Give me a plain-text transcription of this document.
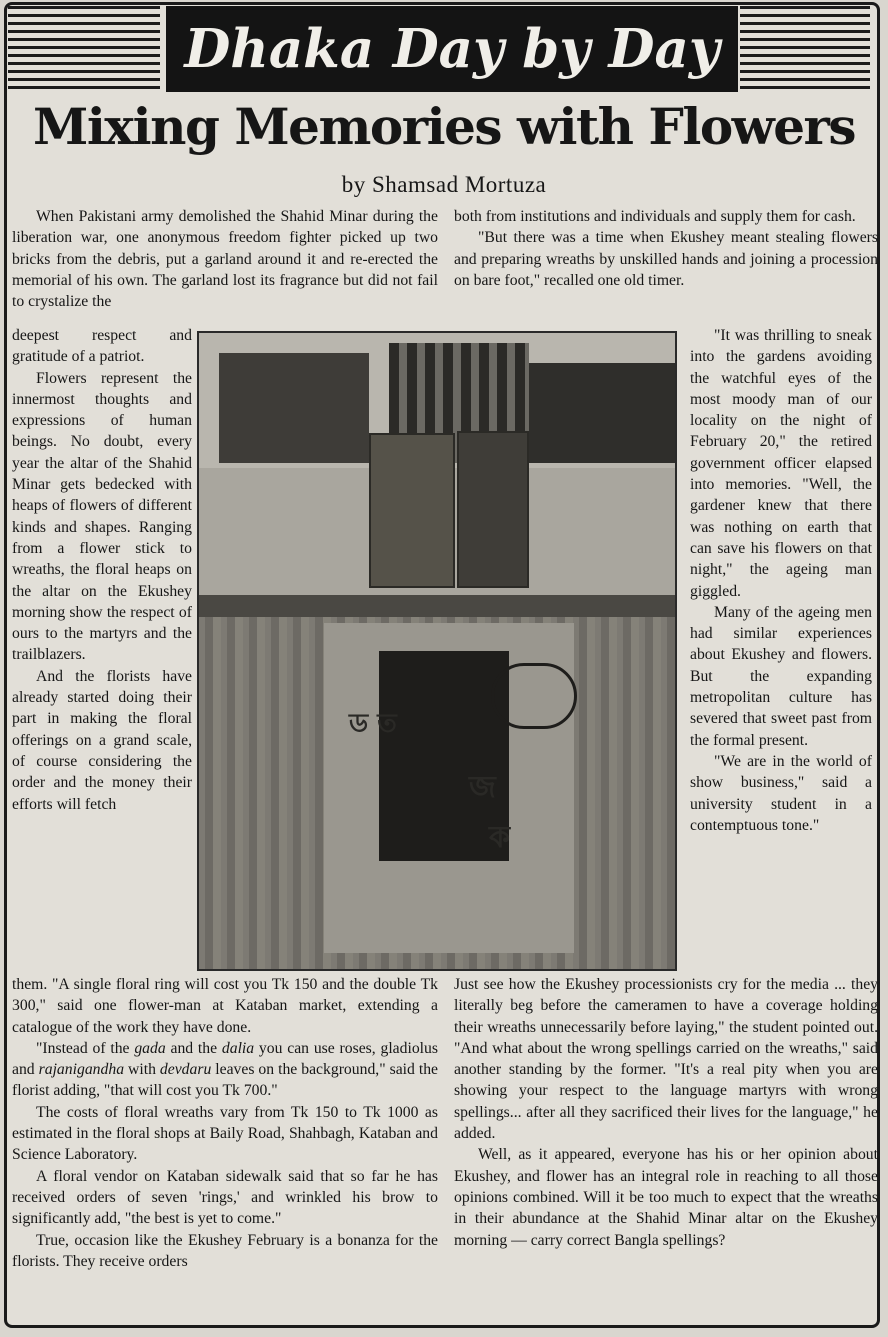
Dhaka Day by Day
Mixing Memories with Flowers
by Shamsad Mortuza

When Pakistani army demolished the Shahid Minar during the liberation war, one anonymous freedom fighter picked up two bricks from the debris, put a garland around it and re-erected the memorial of his own. The garland lost its fragrance but did not fail to crystalize the

deepest respect and gratitude of a patriot.

Flowers represent the innermost thoughts and expressions of human beings. No doubt, every year the altar of the Shahid Minar gets bedecked with heaps of flowers of different kinds and shapes. Ranging from a flower stick to wreaths, the floral heaps on the altar on the Ekushey morning show the respect of ours to the martyrs and the trailblazers.

And the florists have already started doing their part in making the floral offerings on a grand scale, of course considering the order and the money their efforts will fetch

them. "A single floral ring will cost you Tk 150 and the double Tk 300," said one flower-man at Kataban market, extending a catalogue of the work they have done.

"Instead of the gada and the dalia you can use roses, gladiolus and rajanigandha with devdaru leaves on the background," said the florist adding, "that will cost you Tk 700."

The costs of floral wreaths vary from Tk 150 to Tk 1000 as estimated in the floral shops at Baily Road, Shahbagh, Kataban and Science Laboratory.

A floral vendor on Kataban sidewalk said that so far he has received orders of seven 'rings,' and wrinkled his brow to significantly add, "the best is yet to come."

True, occasion like the Ekushey February is a bonanza for the florists. They receive orders

both from institutions and individuals and supply them for cash.

"But there was a time when Ekushey meant stealing flowers and preparing wreaths by unskilled hands and joining a procession on bare foot," recalled one old timer.

"It was thrilling to sneak into the gardens avoiding the watchful eyes of the most moody man of our locality on the night of February 20," the retired government officer elapsed into memories. "Well, the gardener knew that there was nothing on earth that can save his flowers on that night," the ageing man giggled.

Many of the ageing men had similar experiences about Ekushey and flowers. But the expanding metropolitan culture has severed that sweet past from the formal present.

"We are in the world of show business," said a university student in a contemptuous tone."

Just see how the Ekushey processionists cry for the media ... they literally beg before the cameramen to have a coverage holding their wreaths unnecessarily before laying," the student pointed out. "And what about the wrong spellings carried on the wreaths," said another standing by the former. "It's a real pity when you are showing your respect to the language martyrs with wrong spellings... after all they sacrificed their lives for the language," he added.

Well, as it appeared, everyone has his or her opinion about Ekushey, and flower has an integral role in reaching to all those opinions combined. Will it be too much to expect that the wreaths in their abundance at the Shahid Minar altar on the Ekushey morning — carry correct Bangla spellings?

ড ত
জ
ক
